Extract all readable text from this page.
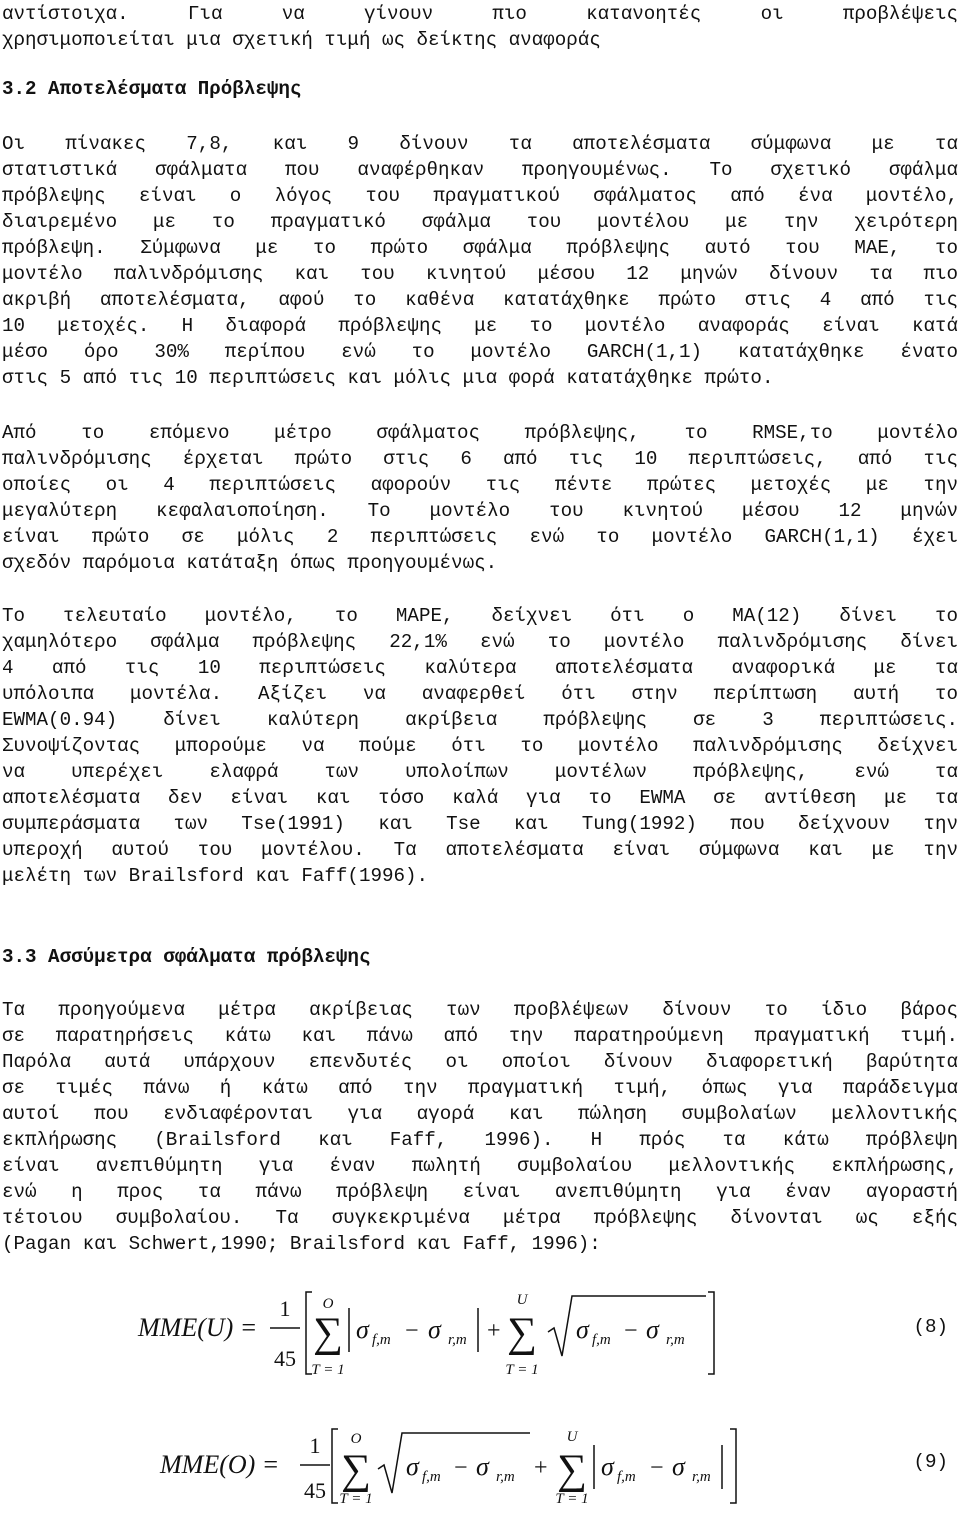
αντίστοιχα. Για να γίνουν πιο κατανοητές οι προβλέψεις
χρησιμοποιείται μια σχετική τιμή ως δείκτης αναφοράς
3.2 Αποτελέσματα Πρόβλεψης
Οι πίνακες 7,8, και 9 δίνουν τα αποτελέσματα σύμφωνα με τα
στατιστικά σφάλματα που αναφέρθηκαν προηγουμένως. Το σχετικό σφάλμα
πρόβλεψης είναι ο λόγος του πραγματικού σφάλματος από ένα μοντέλο,
διαιρεμένο με το πραγματικό σφάλμα του μοντέλου με την χειρότερη
πρόβλεψη. Σύμφωνα με το πρώτο σφάλμα πρόβλεψης αυτό του MAE, το
μοντέλο παλινδρόμισης και του κινητού μέσου 12 μηνών δίνουν τα πιο
ακριβή αποτελέσματα, αφού το καθένα κατατάχθηκε πρώτο στις 4 από τις
10 μετοχές. Η διαφορά πρόβλεψης με το μοντέλο αναφοράς είναι κατά
μέσο όρο 30% περίπου ενώ το μοντέλο GARCH(1,1) κατατάχθηκε ένατο
στις 5 από τις 10 περιπτώσεις και μόλις μια φορά κατατάχθηκε πρώτο.
Από το επόμενο μέτρο σφάλματος πρόβλεψης, το RMSE,το μοντέλο
παλινδρόμισης έρχεται πρώτο στις 6 από τις 10 περιπτώσεις, από τις
οποίες οι 4 περιπτώσεις αφορούν τις πέντε πρώτες μετοχές με την
μεγαλύτερη κεφαλαιοποίηση. Το μοντέλο του κινητού μέσου 12 μηνών
είναι πρώτο σε μόλις 2 περιπτώσεις ενώ το μοντέλο GARCH(1,1) έχει
σχεδόν παρόμοια κατάταξη όπως προηγουμένως.
Το τελευταίο μοντέλο, το MAPE, δείχνει ότι ο MA(12) δίνει το
χαμηλότερο σφάλμα πρόβλεψης 22,1% ενώ το μοντέλο παλινδρόμισης δίνει
4 από τις 10 περιπτώσεις καλύτερα αποτελέσματα αναφορικά με τα
υπόλοιπα μοντέλα. Αξίζει να αναφερθεί ότι στην περίπτωση αυτή το
EWMA(0.94) δίνει καλύτερη ακρίβεια πρόβλεψης σε 3 περιπτώσεις.
Συνοψίζοντας μπορούμε να πούμε ότι το μοντέλο παλινδρόμισης δείχνει
να υπερέχει ελαφρά των υπολοίπων μοντέλων πρόβλεψης, ενώ τα
αποτελέσματα δεν είναι και τόσο καλά για το EWMA σε αντίθεση με τα
συμπεράσματα των Tse(1991) και Tse και Tung(1992) που δείχνουν την
υπεροχή αυτού του μοντέλου. Τα αποτελέσματα είναι σύμφωνα και με την
μελέτη των Brailsford και Faff(1996).
3.3 Ασσύμετρα σφάλματα πρόβλεψης
Τα προηγούμενα μέτρα ακρίβειας των προβλέψεων δίνουν το ίδιο βάρος
σε παρατηρήσεις κάτω και πάνω από την παρατηρούμενη πραγματική τιμή.
Παρόλα αυτά υπάρχουν επενδυτές οι οποίοι δίνουν διαφορετική βαρύτητα
σε τιμές πάνω ή κάτω από την πραγματική τιμή, όπως για παράδειγμα
αυτοί που ενδιαφέρονται για αγορά και πώληση συμβολαίων μελλοντικής
εκπλήρωσης (Brailsford και Faff, 1996). Η πρός τα κάτω πρόβλεψη
είναι ανεπιθύμητη για έναν πωλητή συμβολαίου μελλοντικής εκπλήρωσης,
ενώ η προς τα πάνω πρόβλεψη είναι ανεπιθύμητη για έναν αγοραστή
τέτοιου συμβολαίου. Τα συγκεκριμένα μέτρα πρόβλεψης δίνονται ως εξής
(Pagan και Schwert,1990; Brailsford και Faff, 1996):
MME(U) =
1
45
O
∑
T = 1
σ f,m − σ r,m +
U
∑
T = 1
σ f,m − σ r,m
(8)
MME(O) =
1
45
O
∑
T = 1
σ f,m − σ r,m +
U
∑
T = 1
σ f,m − σ r,m
(9)
